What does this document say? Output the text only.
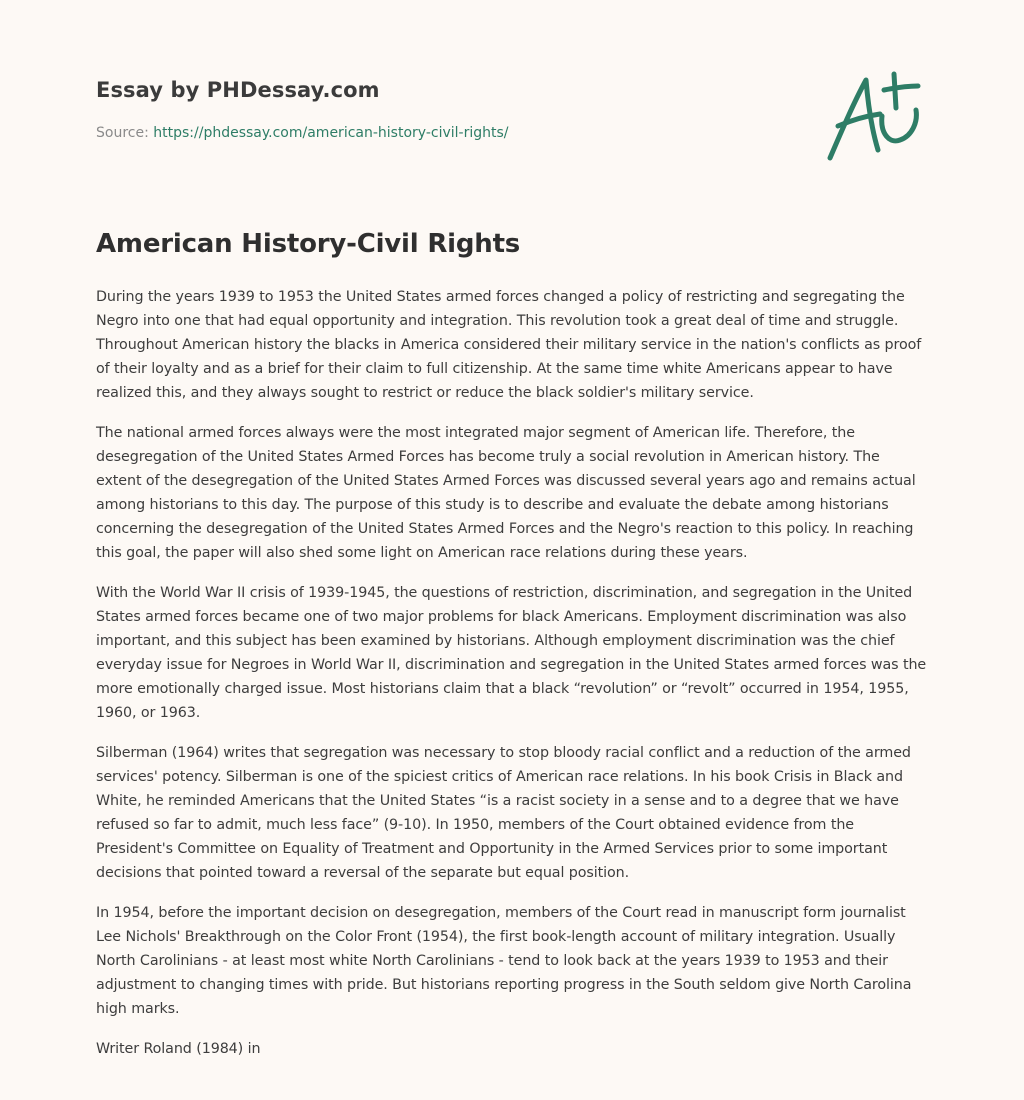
Essay by PHDessay.com
Source: https://phdessay.com/american-history-civil-rights/
American History-Civil Rights

During the years 1939 to 1953 the United States armed forces changed a policy of restricting and segregating the Negro into one that had equal opportunity and integration. This revolution took a great deal of time and struggle. Throughout American history the blacks in America considered their military service in the nation's conflicts as proof of their loyalty and as a brief for their claim to full citizenship. At the same time white Americans appear to have realized this, and they always sought to restrict or reduce the black soldier's military service.

The national armed forces always were the most integrated major segment of American life. Therefore, the desegregation of the United States Armed Forces has become truly a social revolution in American history. The extent of the desegregation of the United States Armed Forces was discussed several years ago and remains actual among historians to this day. The purpose of this study is to describe and evaluate the debate among historians concerning the desegregation of the United States Armed Forces and the Negro's reaction to this policy. In reaching this goal, the paper will also shed some light on American race relations during these years.

With the World War II crisis of 1939-1945, the questions of restriction, discrimination, and segregation in the United States armed forces became one of two major problems for black Americans. Employment discrimination was also important, and this subject has been examined by historians. Although employment discrimination was the chief everyday issue for Negroes in World War II, discrimination and segregation in the United States armed forces was the more emotionally charged issue. Most historians claim that a black “revolution” or “revolt” occurred in 1954, 1955, 1960, or 1963.

Silberman (1964) writes that segregation was necessary to stop bloody racial conflict and a reduction of the armed services' potency. Silberman is one of the spiciest critics of American race relations. In his book Crisis in Black and White, he reminded Americans that the United States “is a racist society in a sense and to a degree that we have refused so far to admit, much less face” (9-10). In 1950, members of the Court obtained evidence from the President's Committee on Equality of Treatment and Opportunity in the Armed Services prior to some important decisions that pointed toward a reversal of the separate but equal position.

In 1954, before the important decision on desegregation, members of the Court read in manuscript form journalist Lee Nichols' Breakthrough on the Color Front (1954), the first book-length account of military integration. Usually North Carolinians - at least most white North Carolinians - tend to look back at the years 1939 to 1953 and their adjustment to changing times with pride. But historians reporting progress in the South seldom give North Carolina high marks.

Writer Roland (1984) in
